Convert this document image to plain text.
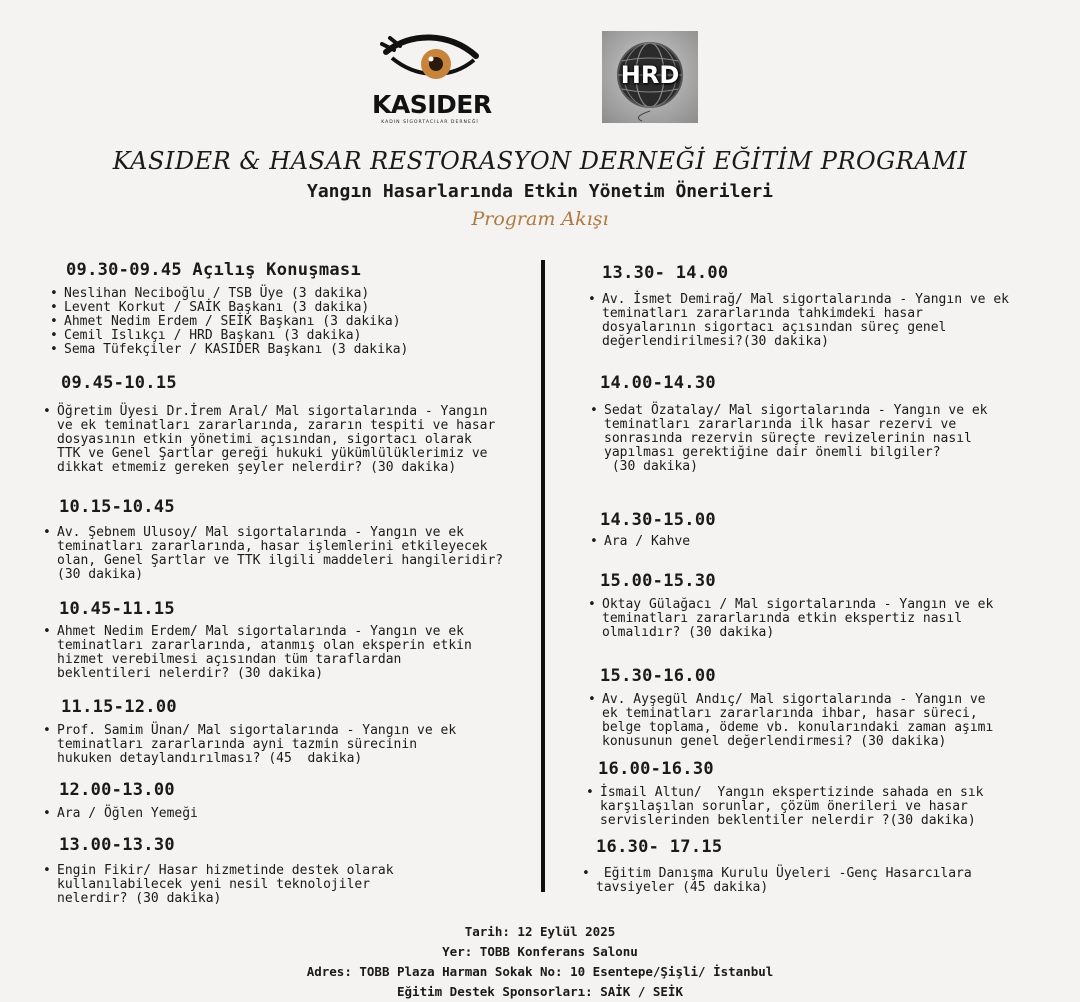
KASIDER
KADIN SİGORTACILAR DERNEĞİ
HRD
KASIDER & HASAR RESTORASYON DERNEĞİ EĞİTİM PROGRAMI
Yangın Hasarlarında Etkin Yönetim Önerileri
Program Akışı

09.30-09.45 Açılış Konuşması

• Neslihan Neciboğlu / TSB Üye (3 dakika)
• Levent Korkut / SAİK Başkanı (3 dakika)
• Ahmet Nedim Erdem / SEİK Başkanı (3 dakika)
• Cemil Islıkçı / HRD Başkanı (3 dakika)
• Sema Tüfekçiler / KASIDER Başkanı (3 dakika)

09.45-10.15

• Öğretim Üyesi Dr.İrem Aral/ Mal sigortalarında - Yangın
ve ek teminatları zararlarında, zararın tespiti ve hasar
dosyasının etkin yönetimi açısından, sigortacı olarak
TTK ve Genel Şartlar gereği hukuki yükümlülüklerimiz ve
dikkat etmemiz gereken şeyler nelerdir? (30 dakika)

10.15-10.45

• Av. Şebnem Ulusoy/ Mal sigortalarında - Yangın ve ek
teminatları zararlarında, hasar işlemlerini etkileyecek
olan, Genel Şartlar ve TTK ilgili maddeleri hangileridir?
(30 dakika)

10.45-11.15

• Ahmet Nedim Erdem/ Mal sigortalarında - Yangın ve ek
teminatları zararlarında, atanmış olan eksperin etkin
hizmet verebilmesi açısından tüm taraflardan
beklentileri nelerdir? (30 dakika)

11.15-12.00

• Prof. Samim Ünan/ Mal sigortalarında - Yangın ve ek
teminatları zararlarında ayni tazmin sürecinin
hukuken detaylandırılması? (45  dakika)

12.00-13.00

• Ara / Öğlen Yemeği

13.00-13.30

• Engin Fikir/ Hasar hizmetinde destek olarak
kullanılabilecek yeni nesil teknolojiler
nelerdir? (30 dakika)

13.30- 14.00

• Av. İsmet Demirağ/ Mal sigortalarında - Yangın ve ek
teminatları zararlarında tahkimdeki hasar
dosyalarının sigortacı açısından süreç genel
değerlendirilmesi?(30 dakika)

14.00-14.30

• Sedat Özatalay/ Mal sigortalarında - Yangın ve ek
teminatları zararlarında ilk hasar rezervi ve
sonrasında rezervin süreçte revizelerinin nasıl
yapılması gerektiğine dair önemli bilgiler?
(30 dakika)

14.30-15.00

• Ara / Kahve

15.00-15.30

• Oktay Gülağacı / Mal sigortalarında - Yangın ve ek
teminatları zararlarında etkin ekspertiz nasıl
olmalıdır? (30 dakika)

15.30-16.00

• Av. Ayşegül Andıç/ Mal sigortalarında - Yangın ve
ek teminatları zararlarında ihbar, hasar süreci,
belge toplama, ödeme vb. konularındaki zaman aşımı
konusunun genel değerlendirmesi? (30 dakika)

16.00-16.30

• İsmail Altun/  Yangın ekspertizinde sahada en sık
karşılaşılan sorunlar, çözüm önerileri ve hasar
servislerinden beklentiler nelerdir ?(30 dakika)

16.30- 17.15

•  Eğitim Danışma Kurulu Üyeleri -Genç Hasarcılara
tavsiyeler (45 dakika)
Tarih: 12 Eylül 2025
Yer: TOBB Konferans Salonu
Adres: TOBB Plaza Harman Sokak No: 10 Esentepe/Şişli/ İstanbul
Eğitim Destek Sponsorları: SAİK / SEİK
